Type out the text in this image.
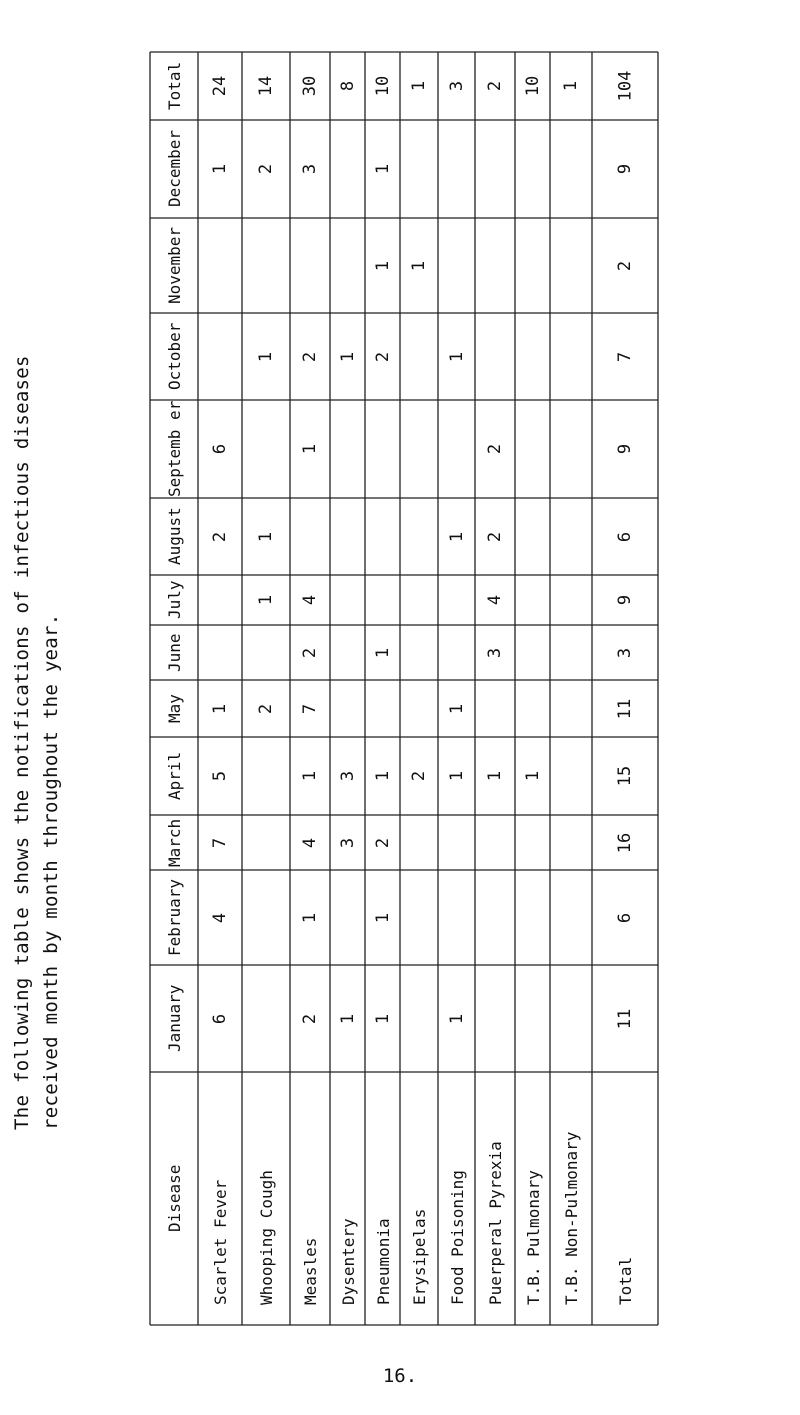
The following table shows the notifications of infectious diseases received month by month throughout the year.
Disease
January
February
March
April
May
June
July
August
Septemb er
October
November
December
Total
Scarlet Fever
6
4
7
5
1
2
6
1
24
Whooping Cough
2
1
1
1
2
14
Measles
2
1
4
1
7
2
4
1
2
3
30
Dysentery
1
3
3
1
8
Pneumonia
1
1
2
1
1
2
1
1
10
Erysipelas
2
1
1
Food Poisoning
1
1
1
1
1
3
Puerperal Pyrexia
1
3
4
2
2
2
T.B. Pulmonary
1
10
T.B. Non-Pulmonary
1
Total
11
6
16
15
11
3
9
6
9
7
2
9
104
16.
